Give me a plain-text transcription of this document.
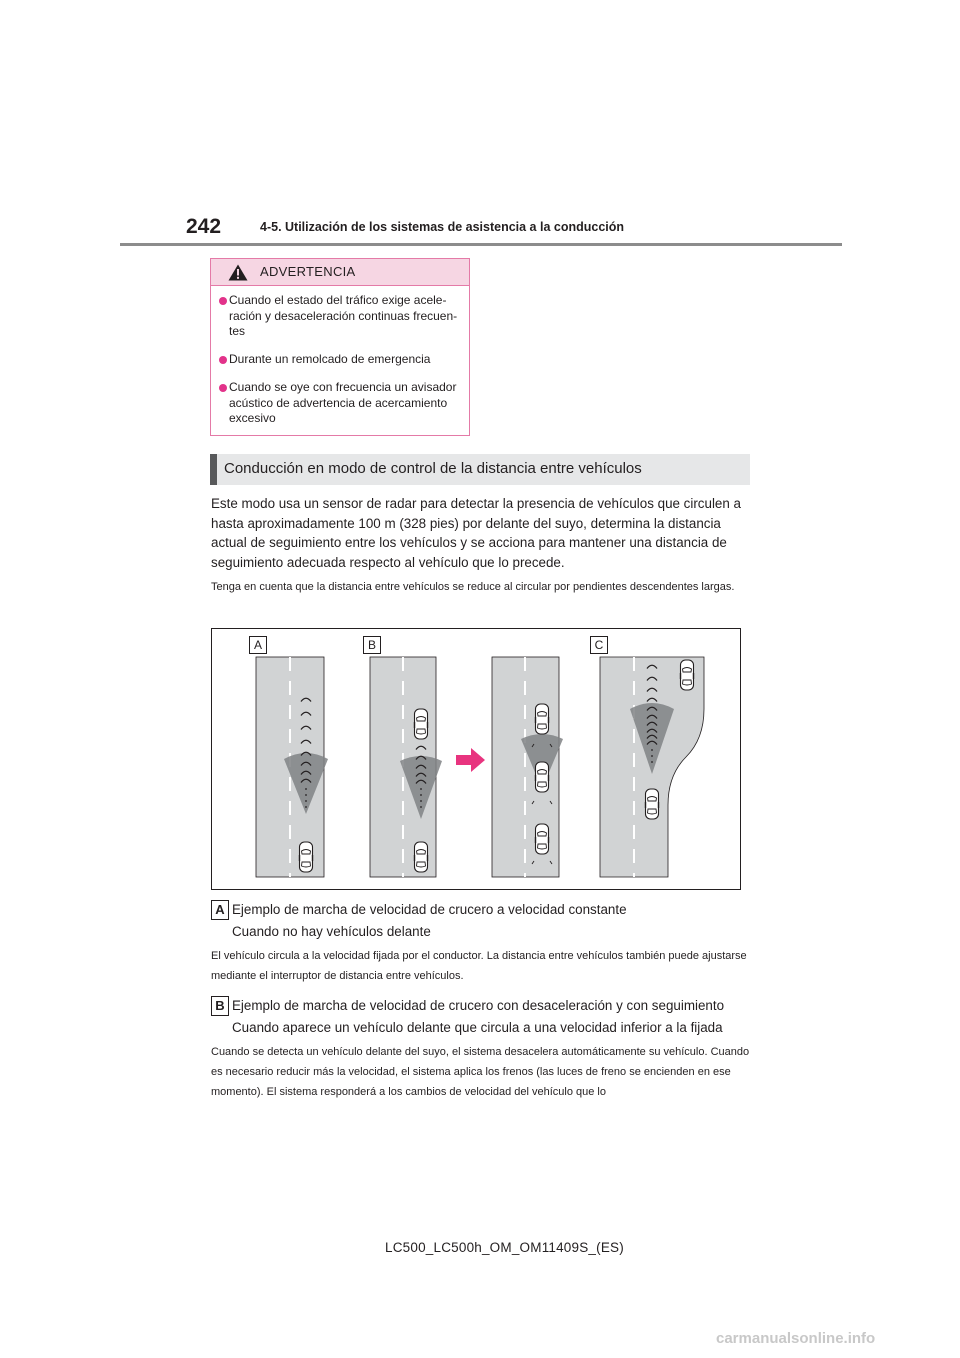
242	4-5. Utilización de los sistemas de asistencia a la conducción
ADVERTENCIA
Cuando el estado del tráfico exige acele-ración y desaceleración continuas frecuen-tes
Durante un remolcado de emergencia
Cuando se oye con frecuencia un avisador acústico de advertencia de acercamiento excesivo
Conducción en modo de control de la distancia entre vehículos
Este modo usa un sensor de radar para detectar la presencia de vehículos que circulen a hasta aproximadamente 100 m (328 pies) por delante del suyo, determina la distancia actual de seguimiento entre los vehículos y se acciona para mantener una distancia de seguimiento adecuada respecto al vehículo que lo precede.
Tenga en cuenta que la distancia entre vehículos se reduce al circular por pendientes descendentes largas.
A	B	C
A Ejemplo de marcha de velocidad de crucero a velocidad constante
Cuando no hay vehículos delante
El vehículo circula a la velocidad fijada por el conductor. La distancia entre vehículos también puede ajustarse mediante el interruptor de distancia entre vehículos.
B Ejemplo de marcha de velocidad de crucero con desaceleración y con seguimiento
Cuando aparece un vehículo delante que circula a una velocidad inferior a la fijada
Cuando se detecta un vehículo delante del suyo, el sistema desacelera automáticamente su vehículo. Cuando es necesario reducir más la velocidad, el sistema aplica los frenos (las luces de freno se encienden en ese momento). El sistema responderá a los cambios de velocidad del vehículo que lo
LC500_LC500h_OM_OM11409S_(ES)
carmanualsonline.info
